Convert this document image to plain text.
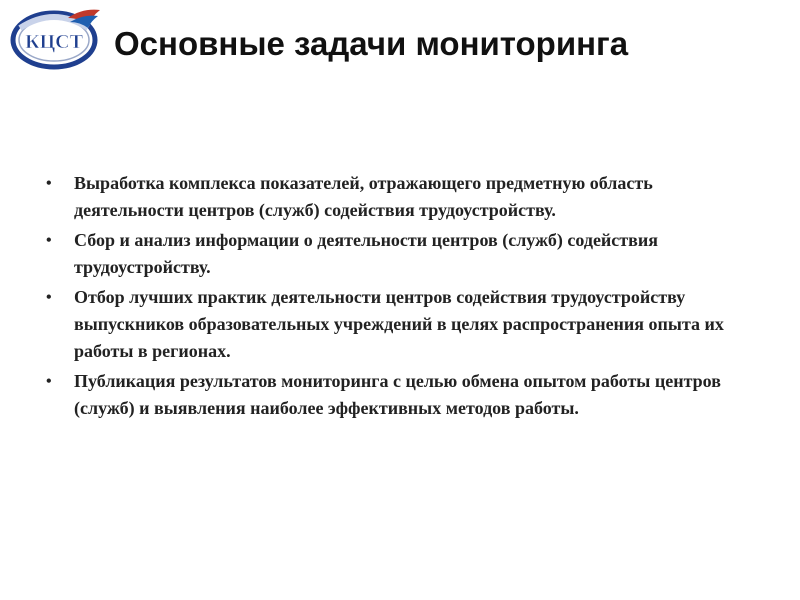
КЦСТ Основные задачи мониторинга
• Выработка комплекса показателей, отражающего предметную область деятельности центров (служб) содействия трудоустройству.
• Сбор и анализ информации о деятельности центров (служб) содействия трудоустройству.
• Отбор лучших практик деятельности центров содействия трудоустройству выпускников образовательных учреждений в целях распространения опыта их работы в регионах.
• Публикация результатов мониторинга с целью обмена опытом работы центров (служб) и выявления наиболее эффективных методов работы.
